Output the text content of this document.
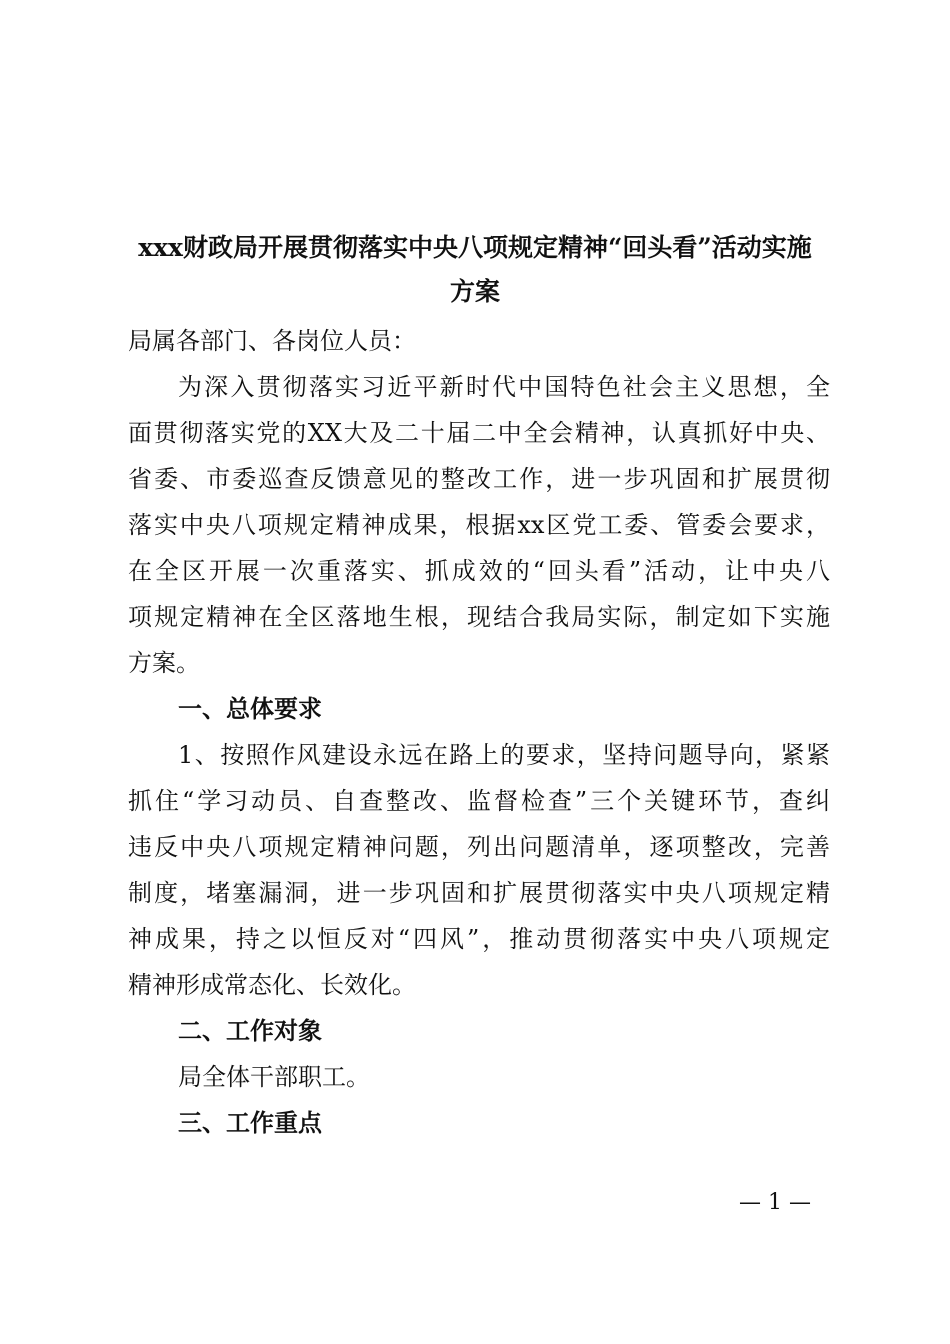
xxx财政局开展贯彻落实中央八项规定精神“回头看”活动实施
方案
局属各部门、各岗位人员：
为深入贯彻落实习近平新时代中国特色社会主义思想，全
面贯彻落实党的XX大及二十届二中全会精神，认真抓好中央、
省委、市委巡查反馈意见的整改工作，进一步巩固和扩展贯彻
落实中央八项规定精神成果，根据xx区党工委、管委会要求，
在全区开展一次重落实、抓成效的“回头看”活动，让中央八
项规定精神在全区落地生根，现结合我局实际，制定如下实施
方案。
一、总体要求
1、按照作风建设永远在路上的要求，坚持问题导向，紧紧
抓住“学习动员、自查整改、监督检查”三个关键环节，查纠
违反中央八项规定精神问题，列出问题清单，逐项整改，完善
制度，堵塞漏洞，进一步巩固和扩展贯彻落实中央八项规定精
神成果，持之以恒反对“四风”，推动贯彻落实中央八项规定
精神形成常态化、长效化。
二、工作对象
局全体干部职工。
三、工作重点
— 1 —
